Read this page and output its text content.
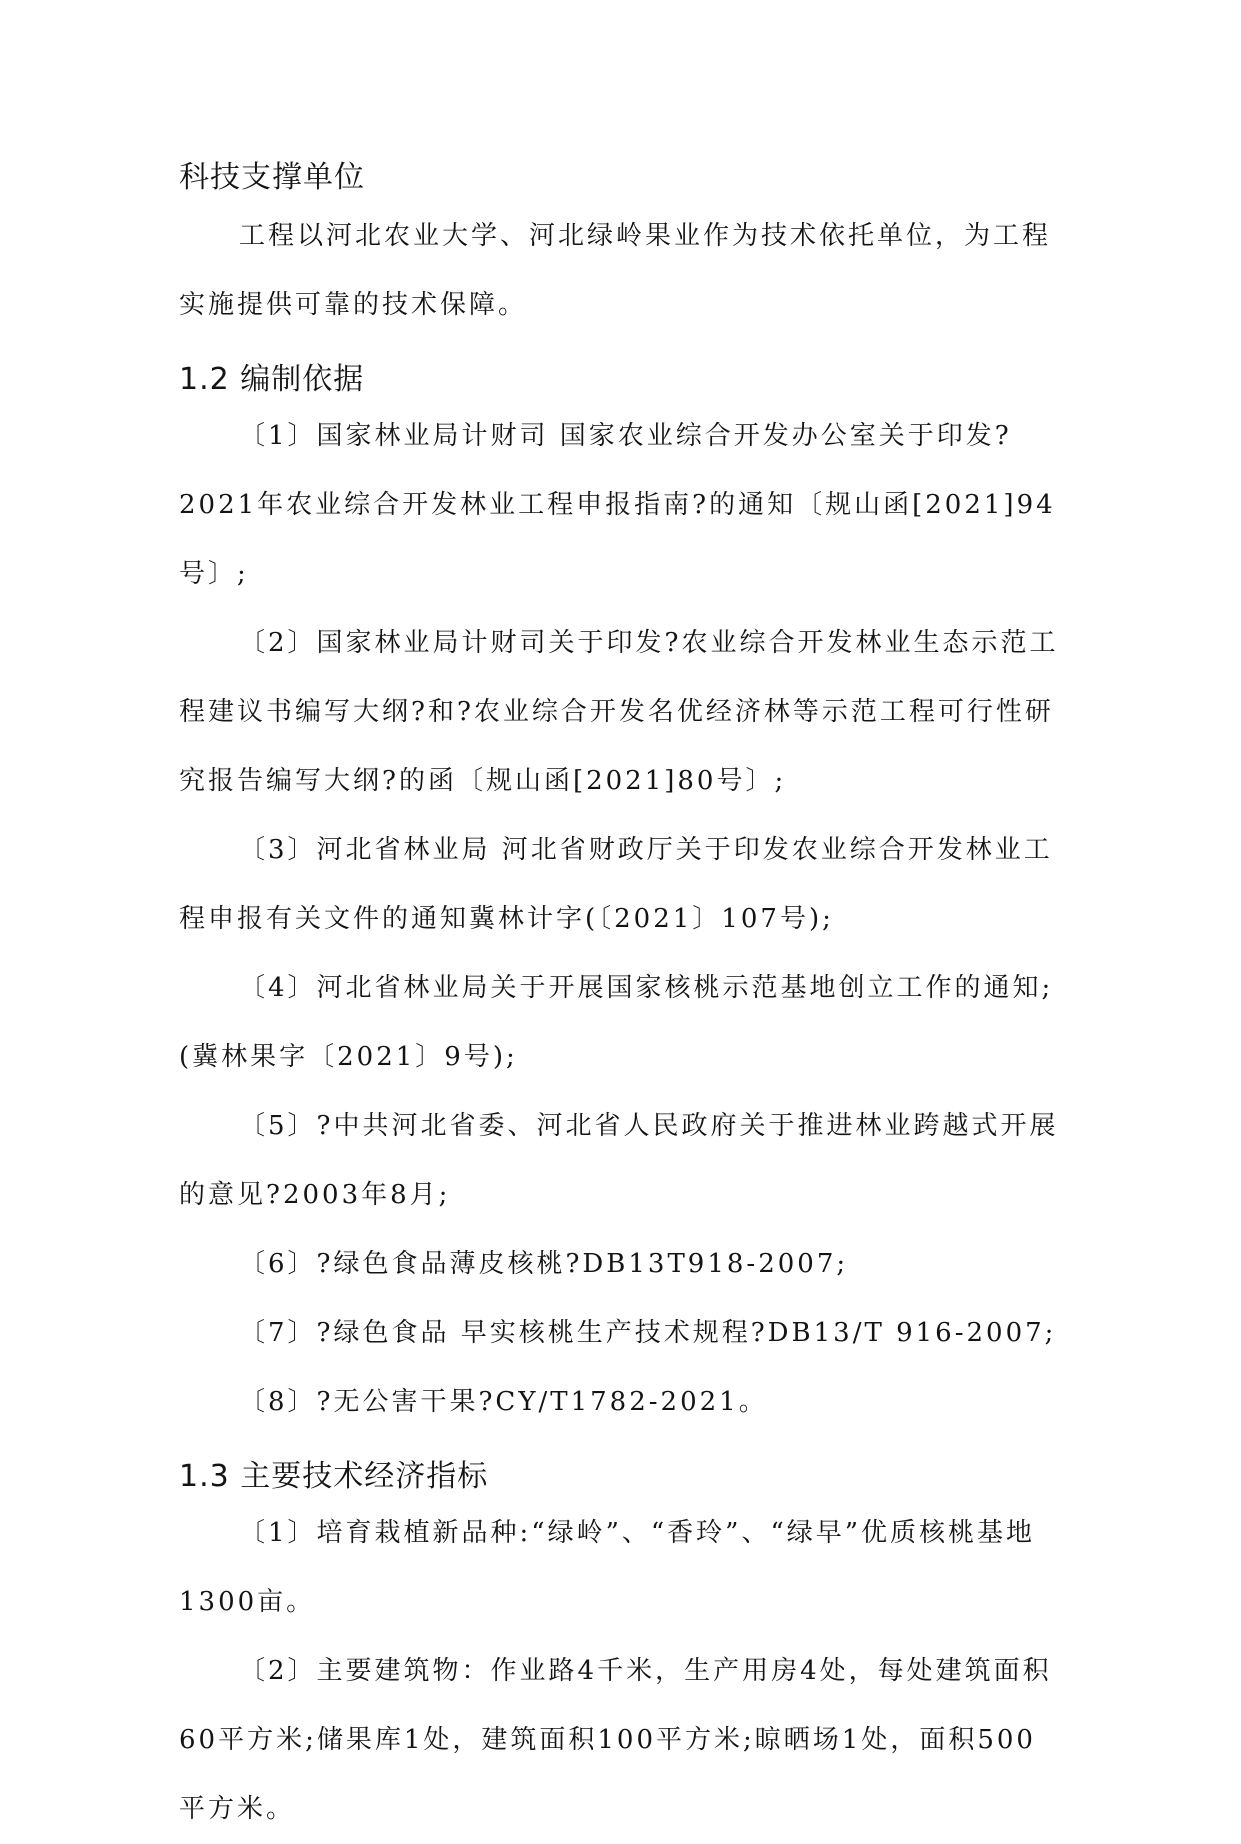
科技支撑单位

工程以河北农业大学、河北绿岭果业作为技术依托单位，为工程实施提供可靠的技术保障。

1.2 编制依据

〔1〕国家林业局计财司 国家农业综合开发办公室关于印发?2021年农业综合开发林业工程申报指南?的通知〔规山函[2021]94号〕;

〔2〕国家林业局计财司关于印发?农业综合开发林业生态示范工程建议书编写大纲?和?农业综合开发名优经济林等示范工程可行性研究报告编写大纲?的函〔规山函[2021]80号〕;

〔3〕河北省林业局 河北省财政厅关于印发农业综合开发林业工程申报有关文件的通知冀林计字(〔2021〕107号);

〔4〕河北省林业局关于开展国家核桃示范基地创立工作的通知;(冀林果字〔2021〕9号);

〔5〕?中共河北省委、河北省人民政府关于推进林业跨越式开展的意见?2003年8月;

〔6〕?绿色食品薄皮核桃?DB13T918-2007;

〔7〕?绿色食品 早实核桃生产技术规程?DB13/T 916-2007;

〔8〕?无公害干果?CY/T1782-2021。

1.3 主要技术经济指标

〔1〕培育栽植新品种:“绿岭”、“香玲”、“绿早”优质核桃基地1300亩。

〔2〕主要建筑物：作业路4千米，生产用房4处，每处建筑面积60平方米;储果库1处，建筑面积100平方米;晾晒场1处，面积500平方米。
